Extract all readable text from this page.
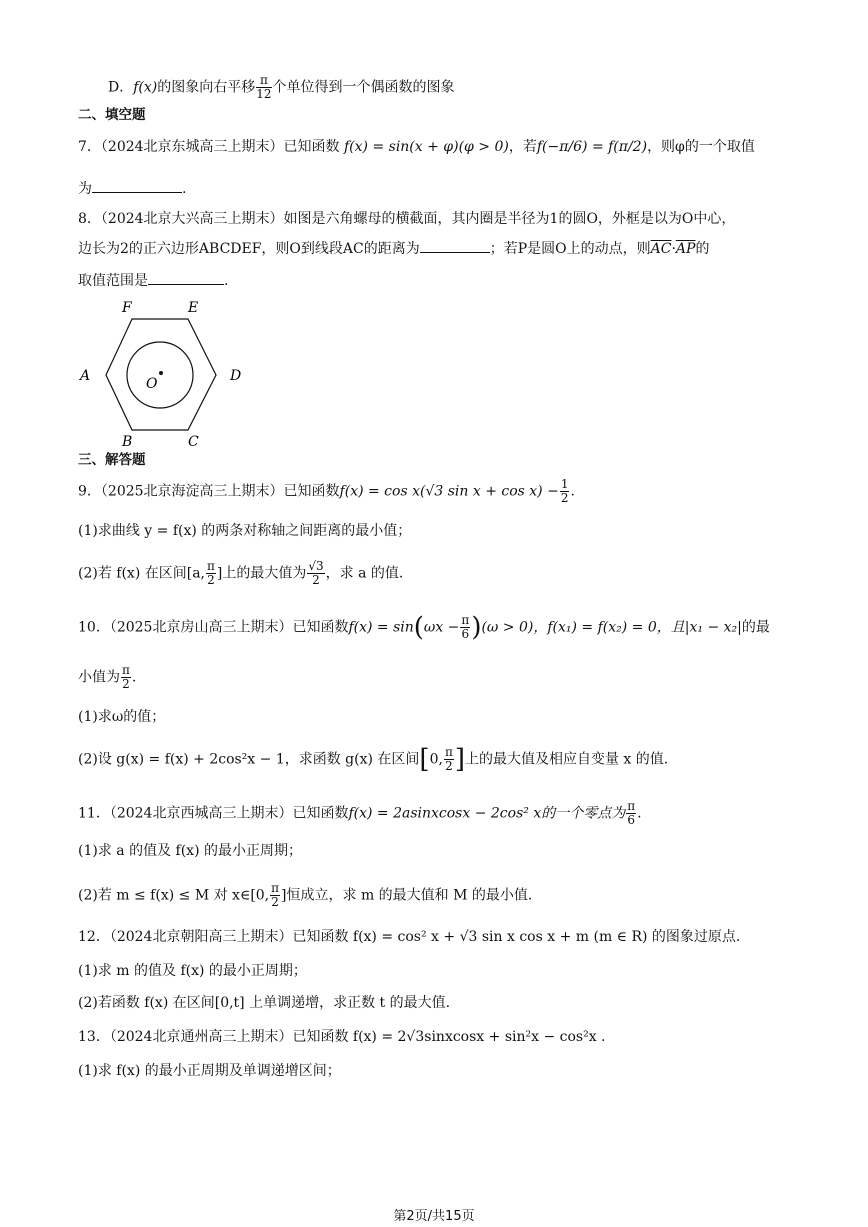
D．f(x)的图象向右平移 $\frac{\pi}{12}$ 个单位得到一个偶函数的图象
二、填空题
7．（2024北京东城高三上期末）已知函数 f(x) = sin(x + φ)(φ > 0)，若f(−π/6) = f(π/2)，则φ的一个取值
为	.
8．（2024北京大兴高三上期末）如图是六角螺母的横截面，其内圈是半径为1的圆O，外框是以为O中心，
边长为2的正六边形ABCDEF，则O到线段AC的距离为	；若P是圆O上的动点，则$\overline{AC}\cdot\overline{AP}$的
取值范围是	.
F	E
A	D
O
B	C
三、解答题
9．（2025北京海淀高三上期末）已知函数f(x) = cos x(√3 $\sin x + \cos x) - \frac{1}{2}$ .
(1)求曲线 y = f(x) 的两条对称轴之间距离的最小值；
(2)若 f(x) 在区间[a, $\frac{\pi}{2}$ ]上的最大值为 $\frac{√3}{2}$ ，求 a 的值.
10．（2025北京房山高三上期末）已知函数$f(x) = \sin(\omega x - \frac{\pi}{6} )(\omega > 0)$，f(x₁) = f(x₂) = 0，且|x₁ − x₂|的最
小值为 $\frac{\pi}{2}$ .
(1)求ω的值；
(2)设 g(x) = f(x) + 2cos²x − 1，求函数 g(x) 在区间[0, $\frac{\pi}{2}$ ]上的最大值及相应自变量 x 的值.
11．（2024北京西城高三上期末）已知函数f(x) = 2asinxcosx − 2cos² x的一个零点为 $\frac{\pi}{6}$ .
(1)求 a 的值及 f(x) 的最小正周期；
(2)若 m ≤ f(x) ≤ M 对 x∈[0, $\frac{\pi}{2}$ ]恒成立，求 m 的最大值和 M 的最小值.
12．（2024北京朝阳高三上期末）已知函数 f(x) = cos² x + √3 sin x cos x + m (m ∈ R) 的图象过原点.
(1)求 m 的值及 f(x) 的最小正周期；
(2)若函数 f(x) 在区间[0,t] 上单调递增，求正数 t 的最大值.
13．（2024北京通州高三上期末）已知函数 f(x) = 2√3sinxcosx + sin²x − cos²x .
(1)求 f(x) 的最小正周期及单调递增区间；
第2页/共15页
